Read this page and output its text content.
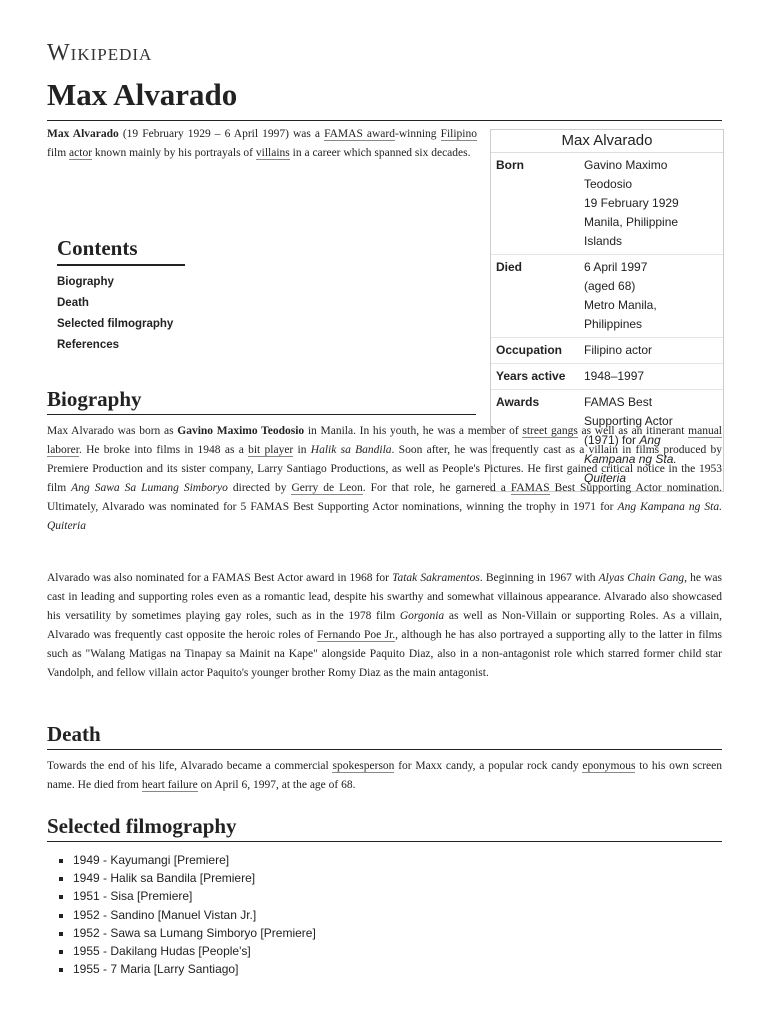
Wikipedia
Max Alvarado

Max Alvarado (19 February 1929 – 6 April 1997) was a FAMAS award-winning Filipino film actor known mainly by his portrayals of villains in a career which spanned six decades.

Contents
Biography
Death
Selected filmography
References
Max Alvarado
Born	Gavino Maximo
Teodosio
19 February 1929
Manila, Philippine
Islands
Died	6 April 1997
(aged 68)
Metro Manila,
Philippines
Occupation	Filipino actor
Years active	1948–1997
Awards	FAMAS Best
Supporting Actor
(1971) for Ang
Kampana ng Sta.
Quiteria
Biography

Max Alvarado was born as Gavino Maximo Teodosio in Manila. In his youth, he was a member of street gangs as well as an itinerant manual laborer. He broke into films in 1948 as a bit player in Halik sa Bandila. Soon after, he was frequently cast as a villain in films produced by Premiere Production and its sister company, Larry Santiago Productions, as well as People's Pictures. He first gained critical notice in the 1953 film Ang Sawa Sa Lumang Simboryo directed by Gerry de Leon. For that role, he garnered a FAMAS Best Supporting Actor nomination. Ultimately, Alvarado was nominated for 5 FAMAS Best Supporting Actor nominations, winning the trophy in 1971 for Ang Kampana ng Sta. Quiteria

Alvarado was also nominated for a FAMAS Best Actor award in 1968 for Tatak Sakramentos. Beginning in 1967 with Alyas Chain Gang, he was cast in leading and supporting roles even as a romantic lead, despite his swarthy and somewhat villainous appearance. Alvarado also showcased his versatility by sometimes playing gay roles, such as in the 1978 film Gorgonia as well as Non-Villain or supporting Roles. As a villain, Alvarado was frequently cast opposite the heroic roles of Fernando Poe Jr., although he has also portrayed a supporting ally to the latter in films such as "Walang Matigas na Tinapay sa Mainit na Kape" alongside Paquito Diaz, also in a non-antagonist role which starred former child star Vandolph, and fellow villain actor Paquito's younger brother Romy Diaz as the main antagonist.

Death

Towards the end of his life, Alvarado became a commercial spokesperson for Maxx candy, a popular rock candy eponymous to his own screen name. He died from heart failure on April 6, 1997, at the age of 68.

Selected filmography
▪ 1949 - Kayumangi [Premiere]
▪ 1949 - Halik sa Bandila [Premiere]
▪ 1951 - Sisa [Premiere]
▪ 1952 - Sandino [Manuel Vistan Jr.]
▪ 1952 - Sawa sa Lumang Simboryo [Premiere]
▪ 1955 - Dakilang Hudas [People's]
▪ 1955 - 7 Maria [Larry Santiago]
